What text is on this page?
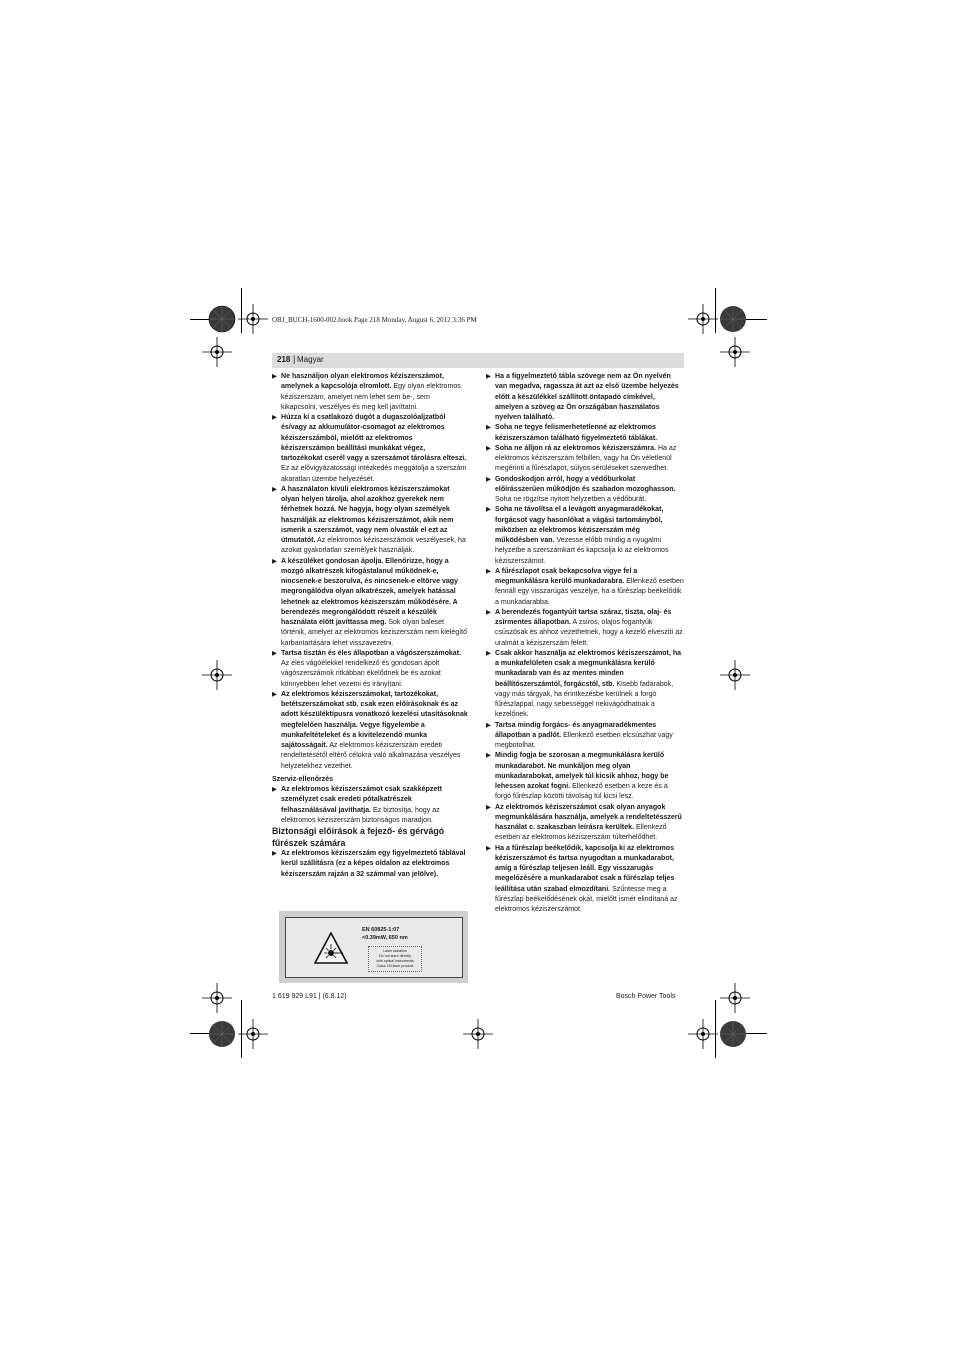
OBJ_BUCH-1600-002.book Page 218 Monday, August 6, 2012 3:36 PM
218 | Magyar

▶ Ne használjon olyan elektromos kéziszerszámot, amelynek a kapcsolója elromlott. Egy olyan elektromos kéziszerszám, amelyet nem lehet sem be-, sem kikapcsolni, veszélyes és meg kell javíttatni.

▶ Húzza ki a csatlakozó dugót a dugaszolóaljzatból és/vagy az akkumulátor-csomagot az elektromos kéziszerszámból, mielőtt az elektromos kéziszerszámon beállítási munkákat végez, tartozékokat cserél vagy a szerszámot tárolásra elteszi. Ez az elővigyázatossági intézkedés meggátolja a szerszám akaratlan üzembe helyezését.

▶ A használaton kívüli elektromos kéziszerszámokat olyan helyen tárolja, ahol azokhoz gyerekek nem férhetnek hozzá. Ne hagyja, hogy olyan személyek használják az elektromos kéziszerszámot, akik nem ismerik a szerszámot, vagy nem olvasták el ezt az útmutatót. Az elektromos kéziszerszámok veszélyesek, ha azokat gyakorlatlan személyek használják.

▶ A készüléket gondosan ápolja. Ellenőrizze, hogy a mozgó alkatrészek kifogástalanul működnek-e, nincsenek-e beszorulva, és nincsenek-e eltörve vagy megrongálódva olyan alkatrészek, amelyek hatással lehetnek az elektromos kéziszerszám működésére. A berendezés megrongálódott részeit a készülék használata előtt javíttassa meg. Sok olyan baleset történik, amelyet az elektromos kéziszerszám nem kielégítő karbantartására lehet visszavezetni.

▶ Tartsa tisztán és éles állapotban a vágószerszámokat. Az éles vágóélekkel rendelkező és gondosan ápolt vágószerszámok ritkábban ékelődnek be és azokat könnyebben lehet vezetni és irányítani.

▶ Az elektromos kéziszerszámokat, tartozékokat, betétszerszámokat stb. csak ezen előírásoknak és az adott készüléktípusra vonatkozó kezelési utasításoknak megfelelően használja. Vegye figyelembe a munkafeltételeket és a kivitelezendő munka sajátosságait. Az elektromos kéziszerszám eredeti rendeltetésétől eltérő célokra való alkalmazása veszélyes helyzetekhez vezethet.

Szerviz-ellenőrzés

▶ Az elektromos kéziszerszámot csak szakképzett személyzet csak eredeti pótalkatrészek felhasználásával javíthatja. Ez biztosítja, hogy az elektromos kéziszerszám biztonságos maradjon.

Biztonsági előírások a fejező- és gérvágó fűrészek számára

▶ Az elektromos kéziszerszám egy figyelmeztető táblával kerül szállításra (ez a képes oldalon az elektromos kéziszerszám rajzán a 32 számmal van jelölve).

EN 60825-1:07
<0.39mW, 650 nm
Laser radiation
Do not stare directly
with optical instruments
Class 1M laser product

▶ Ha a figyelmeztető tábla szövege nem az Ön nyelvén van megadva, ragassza át azt az első üzembe helyezés előtt a készülékkel szállított öntapadó címkével, amelyen a szöveg az Ön országában használatos nyelven található.

▶ Soha ne tegye felismerhetetlenné az elektromos kéziszerszámon található figyelmeztető táblákat.

▶ Soha ne álljon rá az elektromos kéziszerszámra. Ha az elektromos kéziszerszám felbillen, vagy ha Ön véletlenül megérinti a fűrészlapot, súlyos sérüléseket szenvedhet.

▶ Gondoskodjon arról, hogy a védőburkolat előírásszerűen működjön és szabadon mozoghasson. Soha ne rögzítse nyitott helyzetben a védőburát.

▶ Soha ne távolítsa el a levágott anyagmaradékokat, forgácsot vagy hasonlókat a vágási tartományból, miközben az elektromos kéziszerszám még működésben van. Vezesse előbb mindig a nyugalmi helyzetbe a szerszámkart és kapcsolja ki az elektromos kéziszerszámot.

▶ A fűrészlapot csak bekapcsolva vigye fel a megmunkálásra kerülő munkadarabra. Ellenkező esetben fennáll egy visszarúgás veszélye, ha a fűrészlap beékelődik a munkadarabba.

▶ A berendezés fogantyúit tartsa száraz, tiszta, olaj- és zsírmentes állapotban. A zsíros, olajos fogantyúk csúszósak és ahhoz vezethetnek, hogy a kezelő elveszíti az uralmát a kéziszerszám felett.

▶ Csak akkor használja az elektromos kéziszerszámot, ha a munkafelületen csak a megmunkálásra kerülő munkadarab van és az mentes minden beállítószerszámtól, forgácstól, stb. Kisebb fadarabok, vagy más tárgyak, ha érintkezésbe kerülnek a forgó fűrészlappal, nagy sebességgel nekivágódhatnak a kezelőnek.

▶ Tartsa mindig forgács- és anyagmaradékmentes állapotban a padlót. Ellenkező esetben elcsúszhat vagy megbotolhat.

▶ Mindig fogja be szorosan a megmunkálásra kerülő munkadarabot. Ne munkáljon meg olyan munkadarabokat, amelyek túl kicsik ahhoz, hogy be lehessen azokat fogni. Ellenkező esetben a keze és a forgó fűrészlap közötti távolság túl kicsi lesz.

▶ Az elektromos kéziszerszámot csak olyan anyagok megmunkálására használja, amelyek a rendeltetésszerű használat c. szakaszban leírásra kerültek. Ellenkező esetben az elektromos kéziszerszám túlterhelődhet.

▶ Ha a fűrészlap beékelődik, kapcsolja ki az elektromos kéziszerszámot és tartsa nyugodtan a munkadarabot, amíg a fűrészlap teljesen leáll. Egy visszarugás megelőzésére a munkadarabot csak a fűrészlap teljes leállítása után szabad elmozdítani. Szűntesse meg a fűrészlap beékelődésének okát, mielőtt ismét elindítaná az elektromos kéziszerszámot.

1 619 929 L91 | (6.8.12)	Bosch Power Tools
